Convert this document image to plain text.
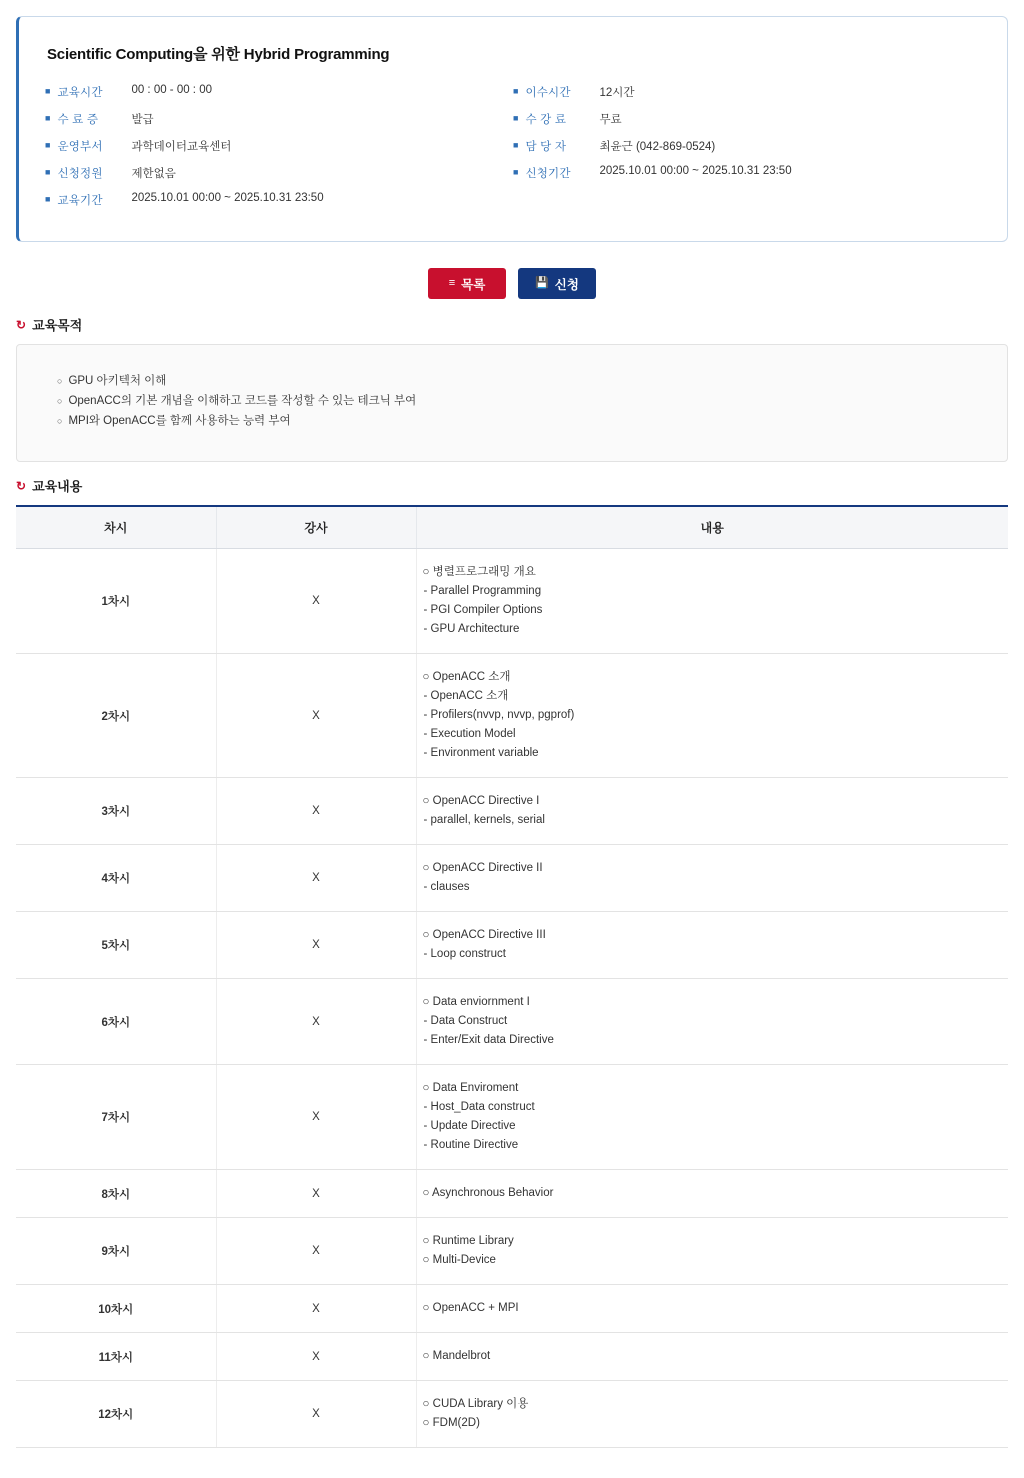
Scientific Computing을 위한 Hybrid Programming
■ 교육시간	00 : 00 - 00 : 00
■ 수 료 증	발급
■ 운영부서	과학데이터교육센터
■ 신청정원	제한없음
■ 교육기간	2025.10.01 00:00 ~ 2025.10.31 23:50
■ 이수시간	12시간
■ 수 강 료	무료
■ 담 당 자	최윤근 (042-869-0524)
■ 신청기간	2025.10.01 00:00 ~ 2025.10.31 23:50
≡ 목록	💾 신청
↻ 교육목적
○ GPU 아키텍처 이해
○ OpenACC의 기본 개념을 이해하고 코드를 작성할 수 있는 테크닉 부여
○ MPI와 OpenACC를 함께 사용하는 능력 부여
↻ 교육내용
차시	강사	내용
1차시	X	○ 병렬프로그래밍 개요
- Parallel Programming
- PGI Compiler Options
- GPU Architecture

2차시	X	○ OpenACC 소개
- OpenACC 소개
- Profilers(nvvp, nvvp, pgprof)
- Execution Model
- Environment variable

3차시	X	○ OpenACC Directive I
- parallel, kernels, serial

4차시	X	○ OpenACC Directive II
- clauses

5차시	X	○ OpenACC Directive III
- Loop construct

6차시	X	○ Data enviornment I
- Data Construct
- Enter/Exit data Directive

7차시	X	○ Data Enviroment
- Host_Data construct
- Update Directive
- Routine Directive

8차시	X	○ Asynchronous Behavior

9차시	X	○ Runtime Library
○ Multi-Device

10차시	X	○ OpenACC + MPI

11차시	X	○ Mandelbrot

12차시	X	○ CUDA Library 이용
○ FDM(2D)
